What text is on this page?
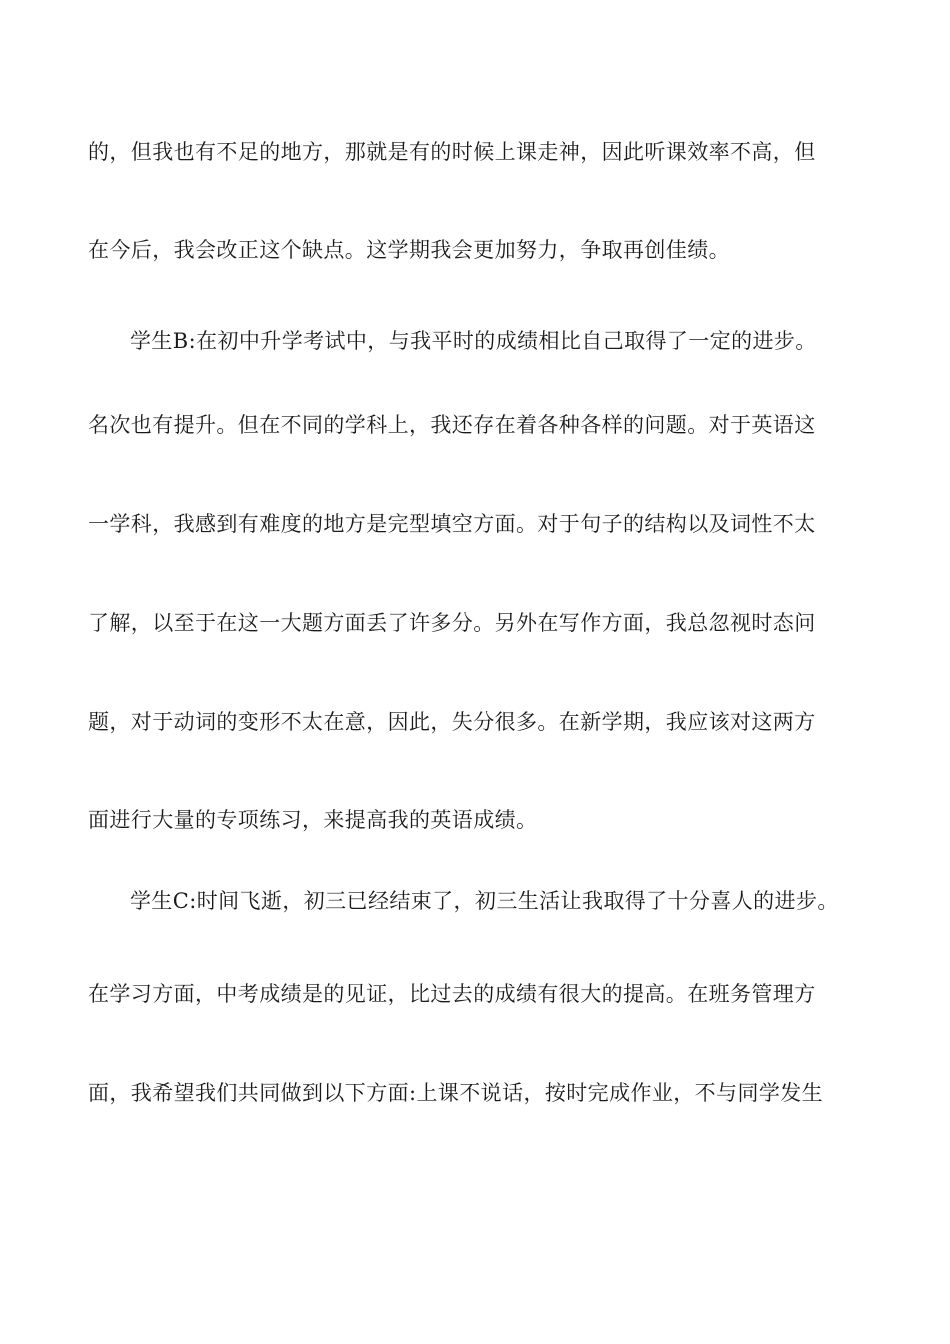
的，但我也有不足的地方，那就是有的时候上课走神，因此听课效率不高，但
在今后，我会改正这个缺点。这学期我会更加努力，争取再创佳绩。
学生B:在初中升学考试中，与我平时的成绩相比自己取得了一定的进步。
名次也有提升。但在不同的学科上，我还存在着各种各样的问题。对于英语这
一学科，我感到有难度的地方是完型填空方面。对于句子的结构以及词性不太
了解，以至于在这一大题方面丢了许多分。另外在写作方面，我总忽视时态问
题，对于动词的变形不太在意，因此，失分很多。在新学期，我应该对这两方
面进行大量的专项练习，来提高我的英语成绩。
学生C:时间飞逝，初三已经结束了，初三生活让我取得了十分喜人的进步。
在学习方面，中考成绩是的见证，比过去的成绩有很大的提高。在班务管理方
面，我希望我们共同做到以下方面:上课不说话，按时完成作业，不与同学发生
